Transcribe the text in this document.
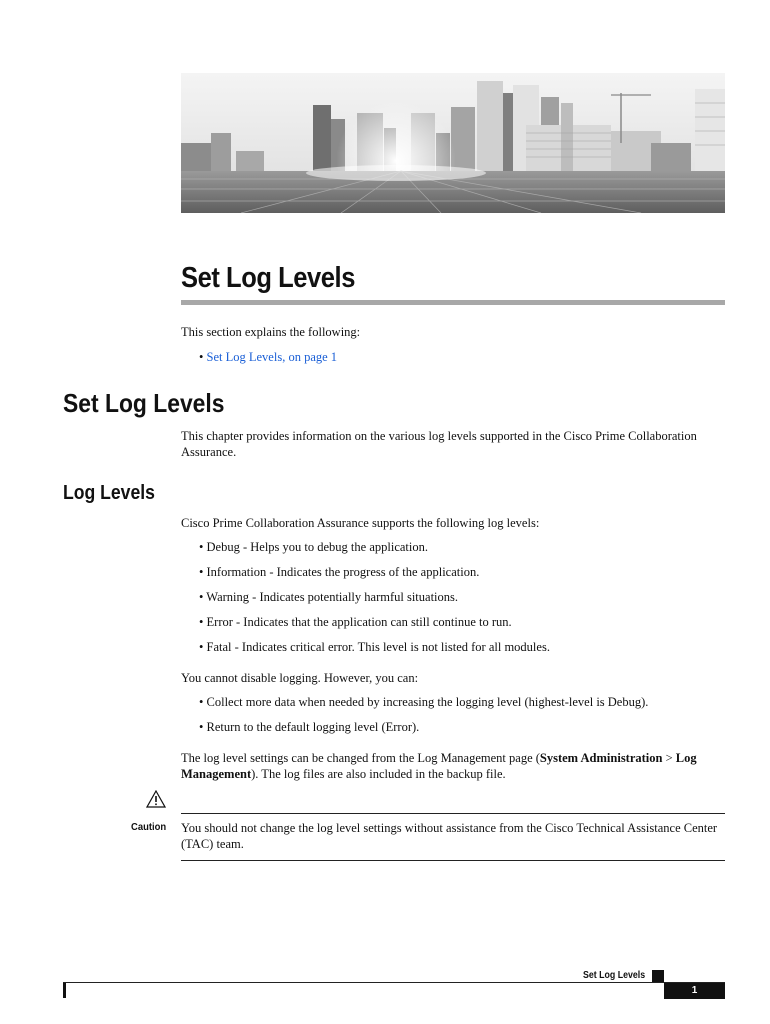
Set Log Levels
This section explains the following:
• Set Log Levels, on page 1
Set Log Levels
This chapter provides information on the various log levels supported in the Cisco Prime Collaboration
Assurance.
Log Levels
Cisco Prime Collaboration Assurance supports the following log levels:
• Debug - Helps you to debug the application.
• Information - Indicates the progress of the application.
• Warning - Indicates potentially harmful situations.
• Error - Indicates that the application can still continue to run.
• Fatal - Indicates critical error. This level is not listed for all modules.
You cannot disable logging. However, you can:
• Collect more data when needed by increasing the logging level (highest-level is Debug).
• Return to the default logging level (Error).
The log level settings can be changed from the Log Management page (System Administration > Log
Management). The log files are also included in the backup file.
Caution You should not change the log level settings without assistance from the Cisco Technical Assistance Center
(TAC) team.
Set Log Levels
1
